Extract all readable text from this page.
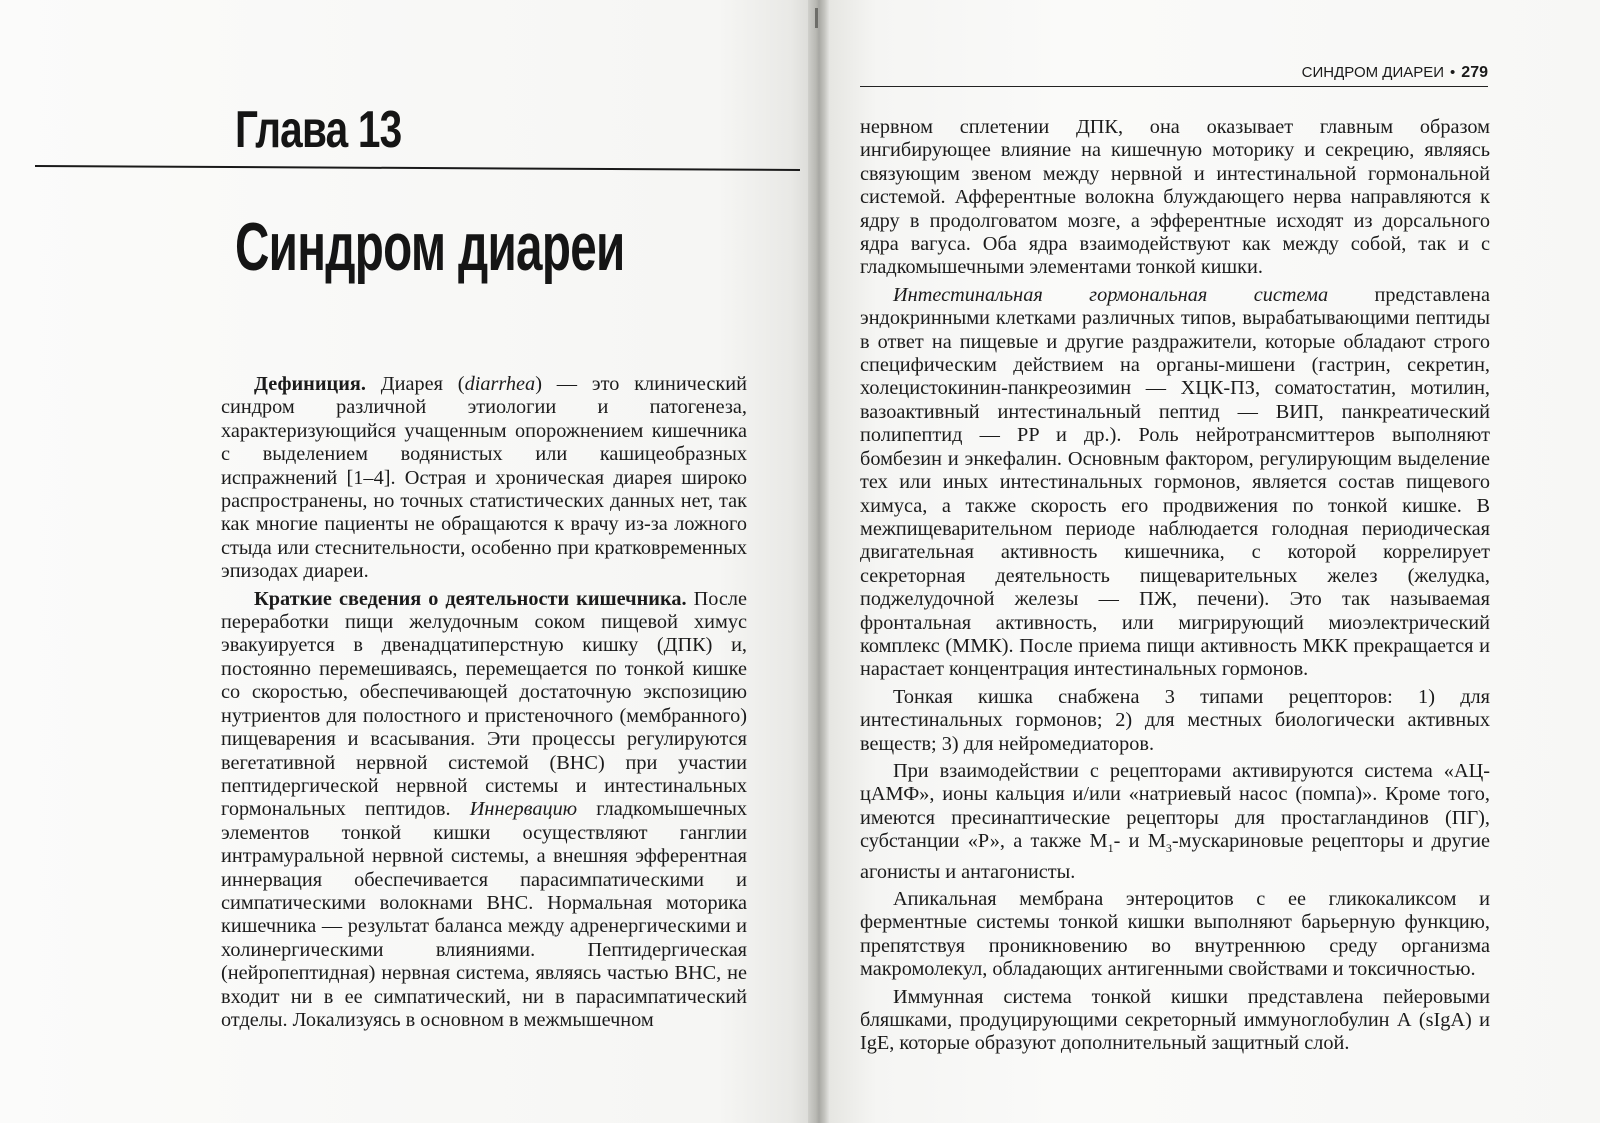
Глава 13
Синдром диареи

Дефиниция. Диарея (diarrhea) — это клинический синдром различной этиологии и патогенеза, характеризующийся учащенным опорожнением кишечника с выделением водянистых или кашицеобразных испражнений [1–4]. Острая и хроническая диарея широко распространены, но точных статистических данных нет, так как многие пациенты не обращаются к врачу из-за ложного стыда или стеснительности, особенно при кратковременных эпизодах диареи.

Краткие сведения о деятельности кишечника. После переработки пищи желудочным соком пищевой химус эвакуируется в двенадцатиперстную кишку (ДПК) и, постоянно перемешиваясь, перемещается по тонкой кишке со скоростью, обеспечивающей достаточную экспозицию нутриентов для полостного и пристеночного (мембранного) пищеварения и всасывания. Эти процессы регулируются вегетативной нервной системой (ВНС) при участии пептидергической нервной системы и интестинальных гормональных пептидов. Иннервацию гладкомышечных элементов тонкой кишки осуществляют ганглии интрамуральной нервной системы, а внешняя эфферентная иннервация обеспечивается парасимпатическими и симпатическими волокнами ВНС. Нормальная моторика кишечника — результат баланса между адренергическими и холинергическими влияниями. Пептидергическая (нейропептидная) нервная система, являясь частью ВНС, не входит ни в ее симпатический, ни в парасимпатический отделы. Локализуясь в основном в межмышечном

СИНДРОМ ДИАРЕИ • 279

нервном сплетении ДПК, она оказывает главным образом ингибирующее влияние на кишечную моторику и секрецию, являясь связующим звеном между нервной и интестинальной гормональной системой. Афферентные волокна блуждающего нерва направляются к ядру в продолговатом мозге, а эфферентные исходят из дорсального ядра вагуса. Оба ядра взаимодействуют как между собой, так и с гладкомышечными элементами тонкой кишки.

Интестинальная гормональная система представлена эндокринными клетками различных типов, вырабатывающими пептиды в ответ на пищевые и другие раздражители, которые обладают строго специфическим действием на органы-мишени (гастрин, секретин, холецистокинин-панкреозимин — ХЦК-ПЗ, соматостатин, мотилин, вазоактивный интестинальный пептид — ВИП, панкреатический полипептид — PP и др.). Роль нейротрансмиттеров выполняют бомбезин и энкефалин. Основным фактором, регулирующим выделение тех или иных интестинальных гормонов, является состав пищевого химуса, а также скорость его продвижения по тонкой кишке. В межпищеварительном периоде наблюдается голодная периодическая двигательная активность кишечника, с которой коррелирует секреторная деятельность пищеварительных желез (желудка, поджелудочной железы — ПЖ, печени). Это так называемая фронтальная активность, или мигрирующий миоэлектрический комплекс (ММК). После приема пищи активность МКК прекращается и нарастает концентрация интестинальных гормонов.

Тонкая кишка снабжена 3 типами рецепторов: 1) для интестинальных гормонов; 2) для местных биологически активных веществ; 3) для нейромедиаторов.

При взаимодействии с рецепторами активируются система «АЦ-цАМФ», ионы кальция и/или «натриевый насос (помпа)». Кроме того, имеются пресинаптические рецепторы для простагландинов (ПГ), субстанции «Р», а также $М_1-$ и $М_3$-мускариновые рецепторы и другие агонисты и антагонисты.

Апикальная мембрана энтероцитов с ее гликокаликсом и ферментные системы тонкой кишки выполняют барьерную функцию, препятствуя проникновению во внутреннюю среду организма макромолекул, обладающих антигенными свойствами и токсичностью.

Иммунная система тонкой кишки представлена пейеровыми бляшками, продуцирующими секреторный иммуноглобулин А (sIgA) и IgE, которые образуют дополнительный защитный слой.
